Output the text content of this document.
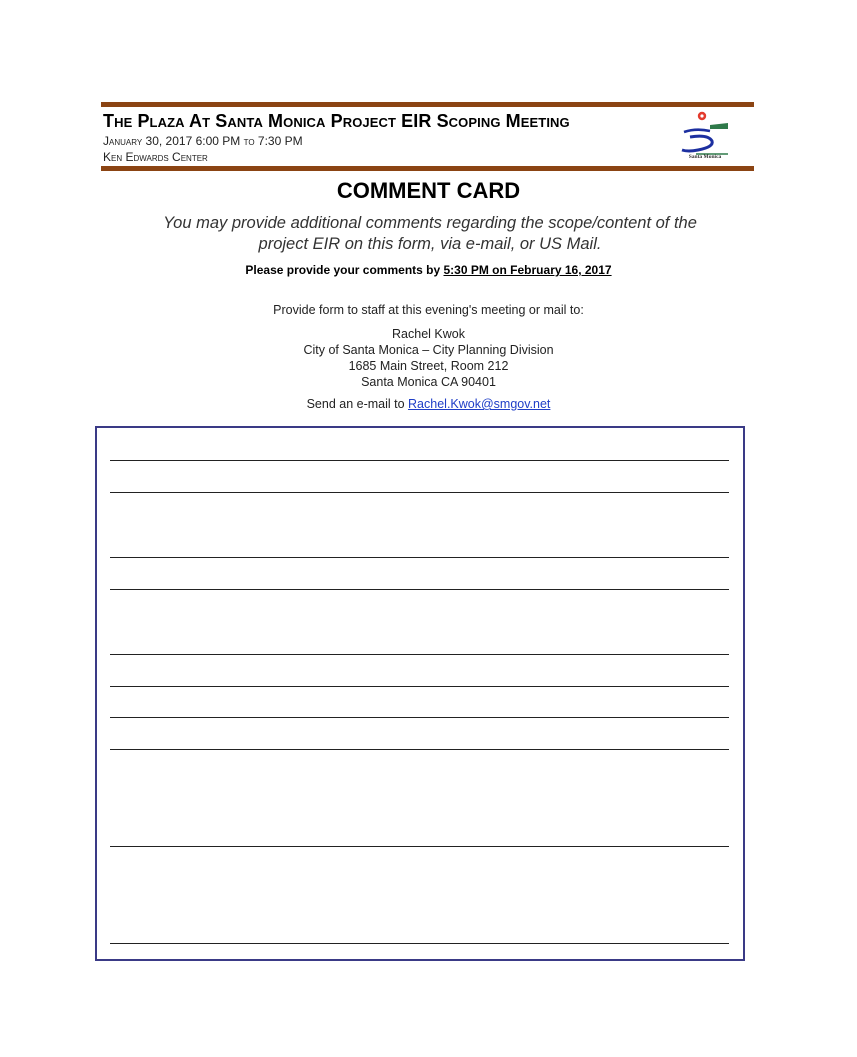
The Plaza At Santa Monica Project EIR Scoping Meeting
January 30, 2017 6:00 PM to 7:30 PM
Ken Edwards Center	Santa Monica
COMMENT CARD
You may provide additional comments regarding the scope/content of the
project EIR on this form, via e-mail, or US Mail.
Please provide your comments by 5:30 PM on February 16, 2017
Provide form to staff at this evening's meeting or mail to:
Rachel Kwok
City of Santa Monica – City Planning Division
1685 Main Street, Room 212
Santa Monica CA 90401
Send an e-mail to Rachel.Kwok@smgov.net
